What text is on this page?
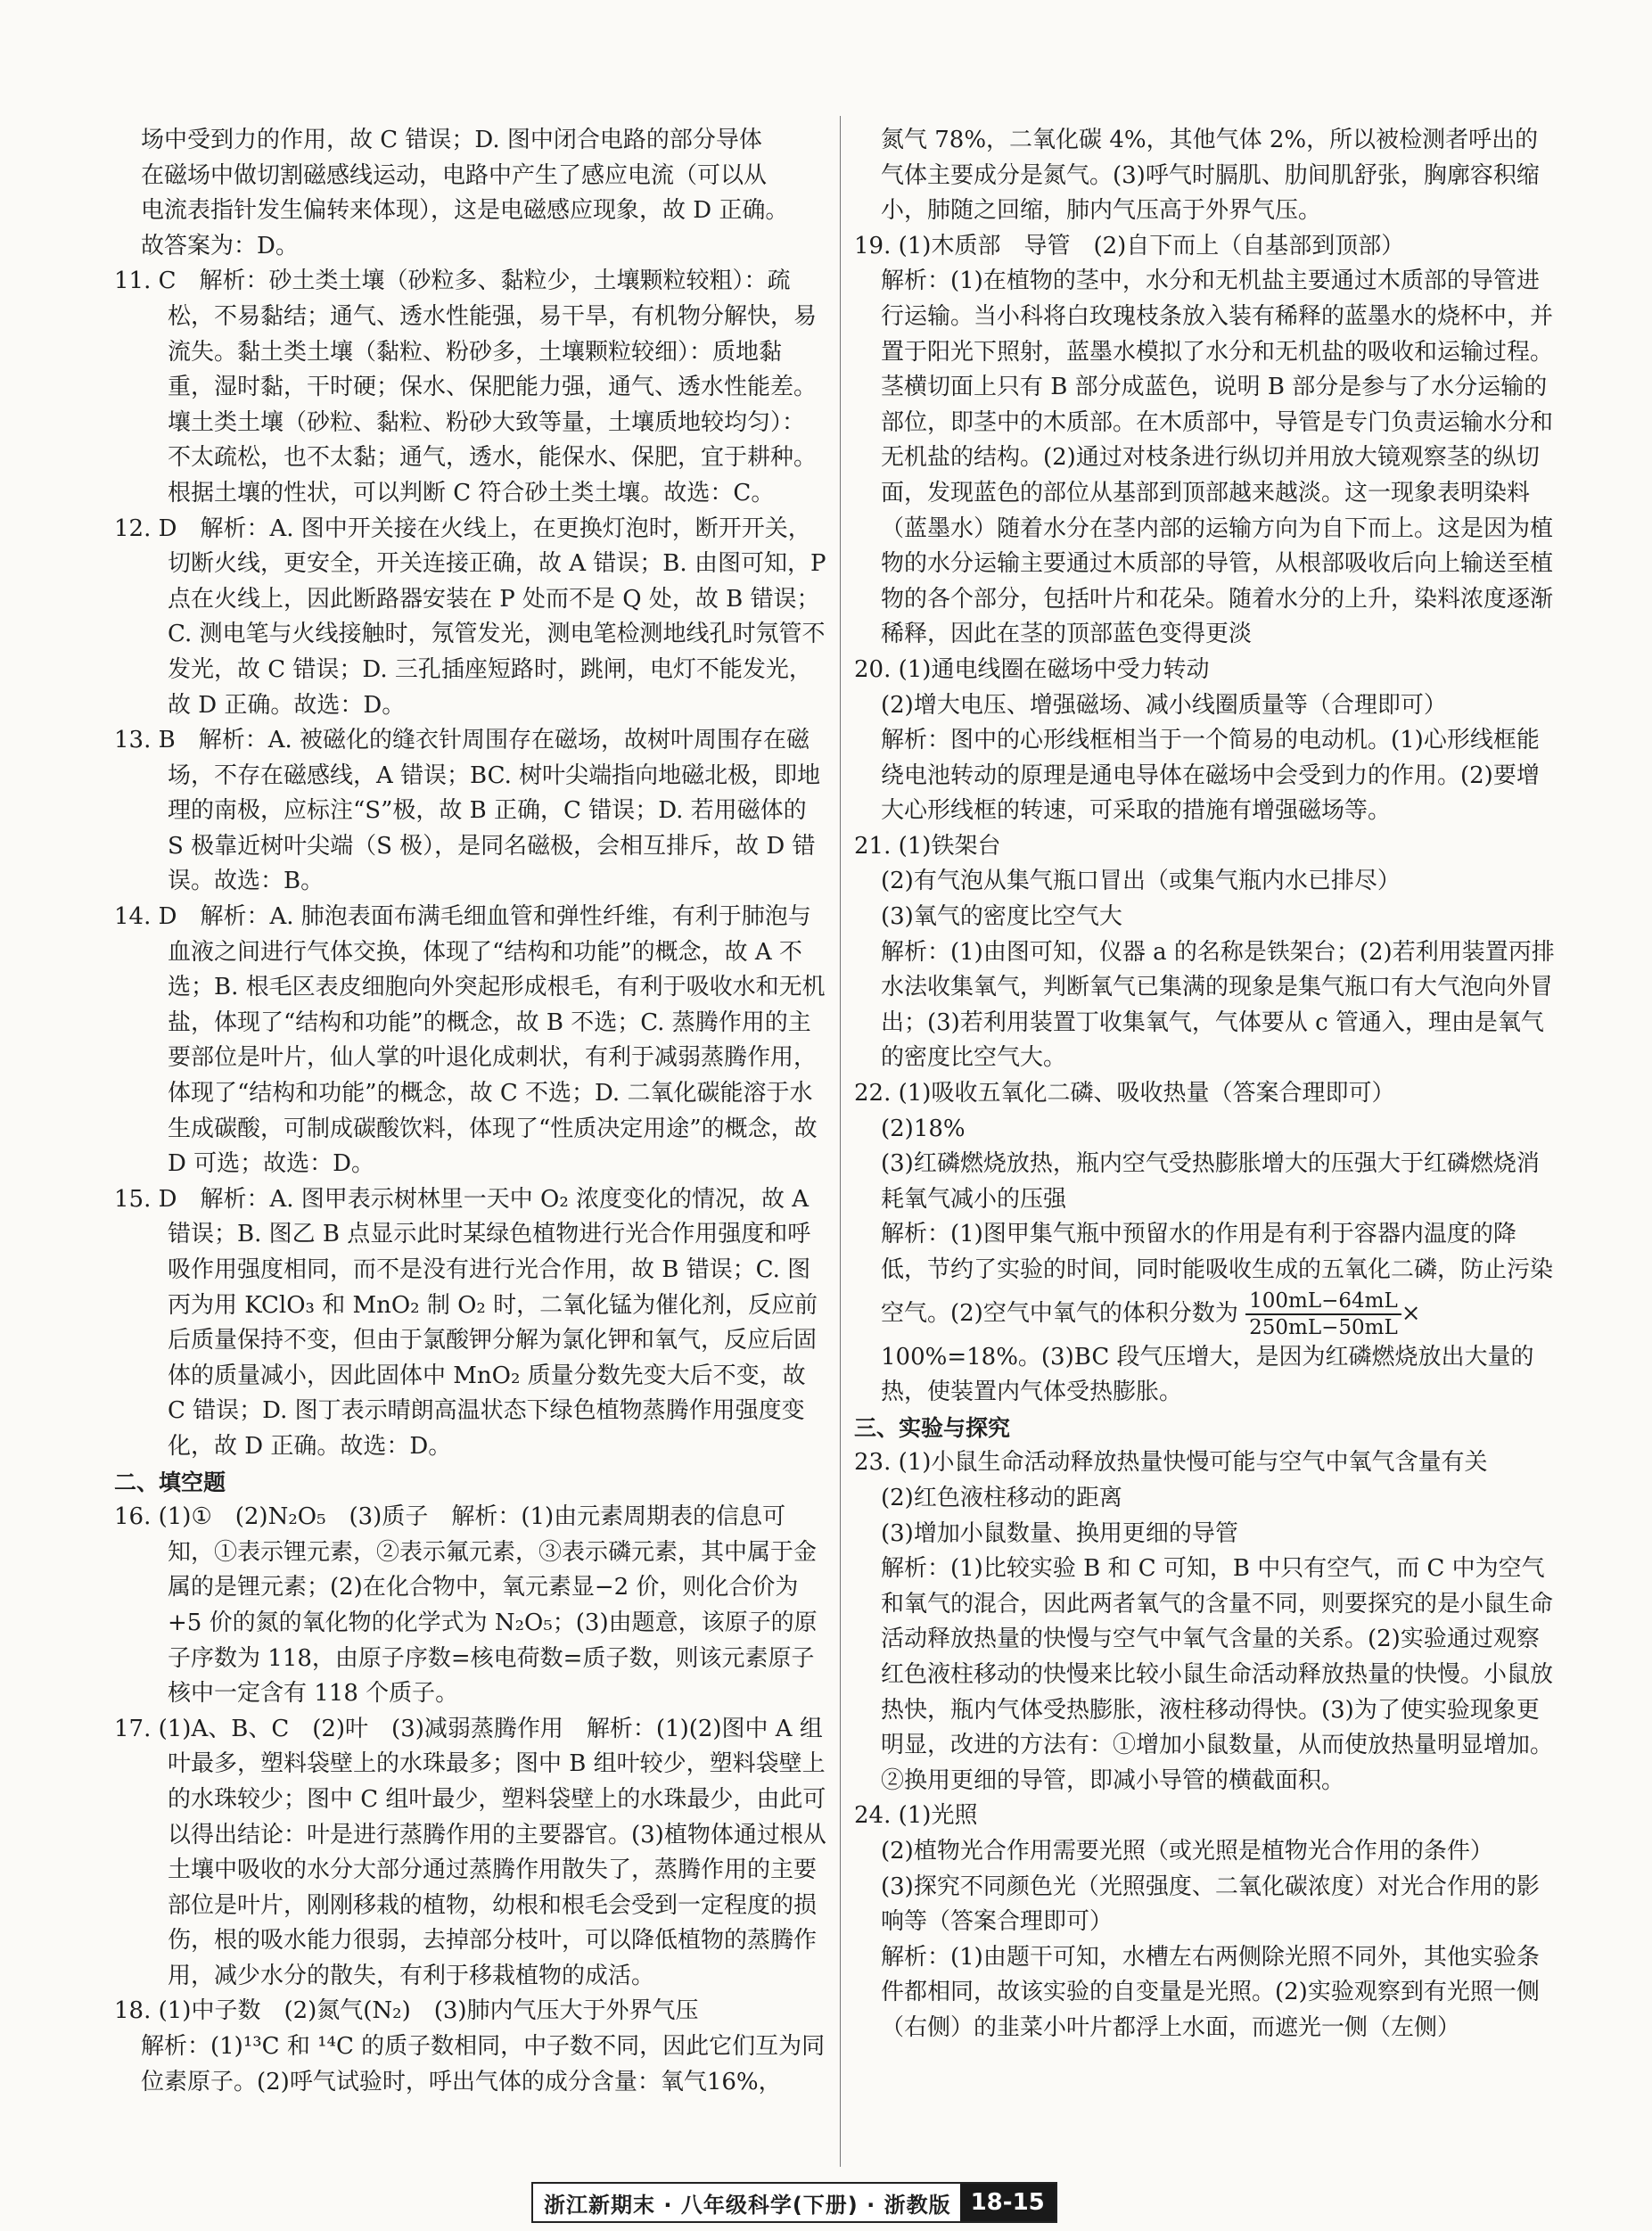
场中受到力的作用，故 C 错误；D. 图中闭合电路的部分导体

在磁场中做切割磁感线运动，电路中产生了感应电流（可以从

电流表指针发生偏转来体现），这是电磁感应现象，故 D 正确。

故答案为：D。

11. C　解析：砂土类土壤（砂粒多、黏粒少，土壤颗粒较粗）：疏松，不易黏结；通气、透水性能强，易干旱，有机物分解快，易流失。黏土类土壤（黏粒、粉砂多，土壤颗粒较细）：质地黏重，湿时黏，干时硬；保水、保肥能力强，通气、透水性能差。壤土类土壤（砂粒、黏粒、粉砂大致等量，土壤质地较均匀）：不太疏松，也不太黏；通气，透水，能保水、保肥，宜于耕种。根据土壤的性状，可以判断 C 符合砂土类土壤。故选：C。

12. D　解析：A. 图中开关接在火线上，在更换灯泡时，断开开关，切断火线，更安全，开关连接正确，故 A 错误；B. 由图可知，P 点在火线上，因此断路器安装在 P 处而不是 Q 处，故 B 错误；C. 测电笔与火线接触时，氖管发光，测电笔检测地线孔时氖管不发光，故 C 错误；D. 三孔插座短路时，跳闸，电灯不能发光，故 D 正确。故选：D。

13. B　解析：A. 被磁化的缝衣针周围存在磁场，故树叶周围存在磁场，不存在磁感线，A 错误；BC. 树叶尖端指向地磁北极，即地理的南极，应标注“S”极，故 B 正确，C 错误；D. 若用磁体的 S 极靠近树叶尖端（S 极），是同名磁极，会相互排斥，故 D 错误。故选：B。

14. D　解析：A. 肺泡表面布满毛细血管和弹性纤维，有利于肺泡与血液之间进行气体交换，体现了“结构和功能”的概念，故 A 不选；B. 根毛区表皮细胞向外突起形成根毛，有利于吸收水和无机盐，体现了“结构和功能”的概念，故 B 不选；C. 蒸腾作用的主要部位是叶片，仙人掌的叶退化成刺状，有利于减弱蒸腾作用，体现了“结构和功能”的概念，故 C 不选；D. 二氧化碳能溶于水生成碳酸，可制成碳酸饮料，体现了“性质决定用途”的概念，故 D 可选；故选：D。

15. D　解析：A. 图甲表示树林里一天中 O₂ 浓度变化的情况，故 A 错误；B. 图乙 B 点显示此时某绿色植物进行光合作用强度和呼吸作用强度相同，而不是没有进行光合作用，故 B 错误；C. 图丙为用 KClO₃ 和 MnO₂ 制 O₂ 时，二氧化锰为催化剂，反应前后质量保持不变，但由于氯酸钾分解为氯化钾和氧气，反应后固体的质量减小，因此固体中 MnO₂ 质量分数先变大后不变，故 C 错误；D. 图丁表示晴朗高温状态下绿色植物蒸腾作用强度变化，故 D 正确。故选：D。

二、填空题

16. (1)①　(2)N₂O₅　(3)质子　解析：(1)由元素周期表的信息可知，①表示锂元素，②表示氟元素，③表示磷元素，其中属于金属的是锂元素；(2)在化合物中，氧元素显−2 价，则化合价为+5 价的氮的氧化物的化学式为 N₂O₅；(3)由题意，该原子的原子序数为 118，由原子序数=核电荷数=质子数，则该元素原子核中一定含有 118 个质子。

17. (1)A、B、C　(2)叶　(3)减弱蒸腾作用　解析：(1)(2)图中 A 组叶最多，塑料袋壁上的水珠最多；图中 B 组叶较少，塑料袋壁上的水珠较少；图中 C 组叶最少，塑料袋壁上的水珠最少，由此可以得出结论：叶是进行蒸腾作用的主要器官。(3)植物体通过根从土壤中吸收的水分大部分通过蒸腾作用散失了，蒸腾作用的主要部位是叶片，刚刚移栽的植物，幼根和根毛会受到一定程度的损伤，根的吸水能力很弱，去掉部分枝叶，可以降低植物的蒸腾作用，减少水分的散失，有利于移栽植物的成活。

18. (1)中子数　(2)氮气(N₂)　(3)肺内气压大于外界气压

解析：(1)¹³C 和 ¹⁴C 的质子数相同，中子数不同，因此它们互为同位素原子。(2)呼气试验时，呼出气体的成分含量：氧气16%，

氮气 78%，二氧化碳 4%，其他气体 2%，所以被检测者呼出的气体主要成分是氮气。(3)呼气时膈肌、肋间肌舒张，胸廓容积缩小，肺随之回缩，肺内气压高于外界气压。

19. (1)木质部　导管　(2)自下而上（自基部到顶部）

解析：(1)在植物的茎中，水分和无机盐主要通过木质部的导管进行运输。当小科将白玫瑰枝条放入装有稀释的蓝墨水的烧杯中，并置于阳光下照射，蓝墨水模拟了水分和无机盐的吸收和运输过程。茎横切面上只有 B 部分成蓝色，说明 B 部分是参与了水分运输的部位，即茎中的木质部。在木质部中，导管是专门负责运输水分和无机盐的结构。(2)通过对枝条进行纵切并用放大镜观察茎的纵切面，发现蓝色的部位从基部到顶部越来越淡。这一现象表明染料（蓝墨水）随着水分在茎内部的运输方向为自下而上。这是因为植物的水分运输主要通过木质部的导管，从根部吸收后向上输送至植物的各个部分，包括叶片和花朵。随着水分的上升，染料浓度逐渐稀释，因此在茎的顶部蓝色变得更淡

20. (1)通电线圈在磁场中受力转动

(2)增大电压、增强磁场、减小线圈质量等（合理即可）

解析：图中的心形线框相当于一个简易的电动机。(1)心形线框能绕电池转动的原理是通电导体在磁场中会受到力的作用。(2)要增大心形线框的转速，可采取的措施有增强磁场等。

21. (1)铁架台

(2)有气泡从集气瓶口冒出（或集气瓶内水已排尽）

(3)氧气的密度比空气大

解析：(1)由图可知，仪器 a 的名称是铁架台；(2)若利用装置丙排水法收集氧气，判断氧气已集满的现象是集气瓶口有大气泡向外冒出；(3)若利用装置丁收集氧气，气体要从 c 管通入，理由是氧气的密度比空气大。

22. (1)吸收五氧化二磷、吸收热量（答案合理即可）

(2)18%

(3)红磷燃烧放热，瓶内空气受热膨胀增大的压强大于红磷燃烧消耗氧气减小的压强

解析：(1)图甲集气瓶中预留水的作用是有利于容器内温度的降低，节约了实验的时间，同时能吸收生成的五氧化二磷，防止污染空气。(2)空气中氧气的体积分数为 $\frac{100mL-64mL}{250mL-50mL} \times 100\%=18\%$。(3)BC 段气压增大，是因为红磷燃烧放出大量的热，使装置内气体受热膨胀。

三、实验与探究

23. (1)小鼠生命活动释放热量快慢可能与空气中氧气含量有关

(2)红色液柱移动的距离

(3)增加小鼠数量、换用更细的导管

解析：(1)比较实验 B 和 C 可知，B 中只有空气，而 C 中为空气和氧气的混合，因此两者氧气的含量不同，则要探究的是小鼠生命活动释放热量的快慢与空气中氧气含量的关系。(2)实验通过观察红色液柱移动的快慢来比较小鼠生命活动释放热量的快慢。小鼠放热快，瓶内气体受热膨胀，液柱移动得快。(3)为了使实验现象更明显，改进的方法有：①增加小鼠数量，从而使放热量明显增加。②换用更细的导管，即减小导管的横截面积。

24. (1)光照

(2)植物光合作用需要光照（或光照是植物光合作用的条件）

(3)探究不同颜色光（光照强度、二氧化碳浓度）对光合作用的影响等（答案合理即可）

解析：(1)由题干可知，水槽左右两侧除光照不同外，其他实验条件都相同，故该实验的自变量是光照。(2)实验观察到有光照一侧（右侧）的韭菜小叶片都浮上水面，而遮光一侧（左侧）

浙江新期末 · 八年级科学(下册) · 浙教版 18-15
